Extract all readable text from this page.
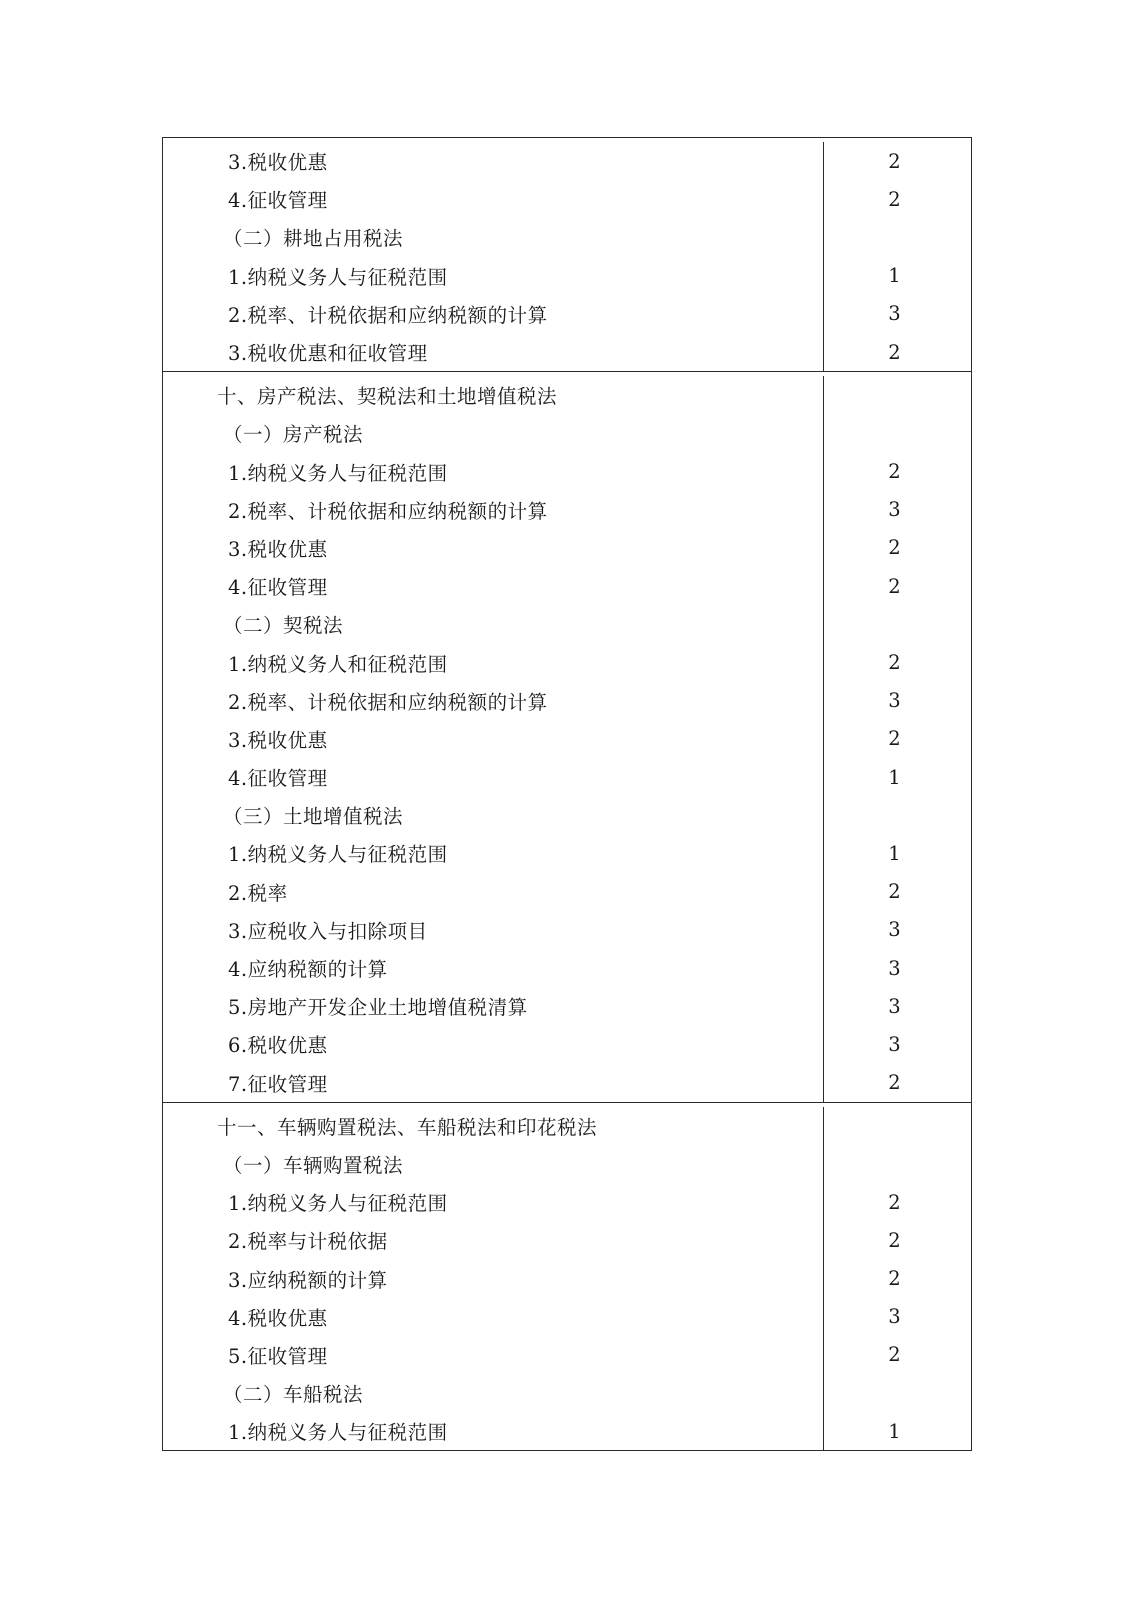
3.税收优惠
4.征收管理
（二）耕地占用税法
1.纳税义务人与征税范围
2.税率、计税依据和应纳税额的计算
3.税收优惠和征收管理
2
2
1
3
2
十、房产税法、契税法和土地增值税法
（一）房产税法
1.纳税义务人与征税范围
2.税率、计税依据和应纳税额的计算
3.税收优惠
4.征收管理
（二）契税法
1.纳税义务人和征税范围
2.税率、计税依据和应纳税额的计算
3.税收优惠
4.征收管理
（三）土地增值税法
1.纳税义务人与征税范围
2.税率
3.应税收入与扣除项目
4.应纳税额的计算
5.房地产开发企业土地增值税清算
6.税收优惠
7.征收管理
2
3
2
2
2
3
2
1
1
2
3
3
3
3
2
十一、车辆购置税法、车船税法和印花税法
（一）车辆购置税法
1.纳税义务人与征税范围
2.税率与计税依据
3.应纳税额的计算
4.税收优惠
5.征收管理
（二）车船税法
1.纳税义务人与征税范围
2
2
2
3
2
1
